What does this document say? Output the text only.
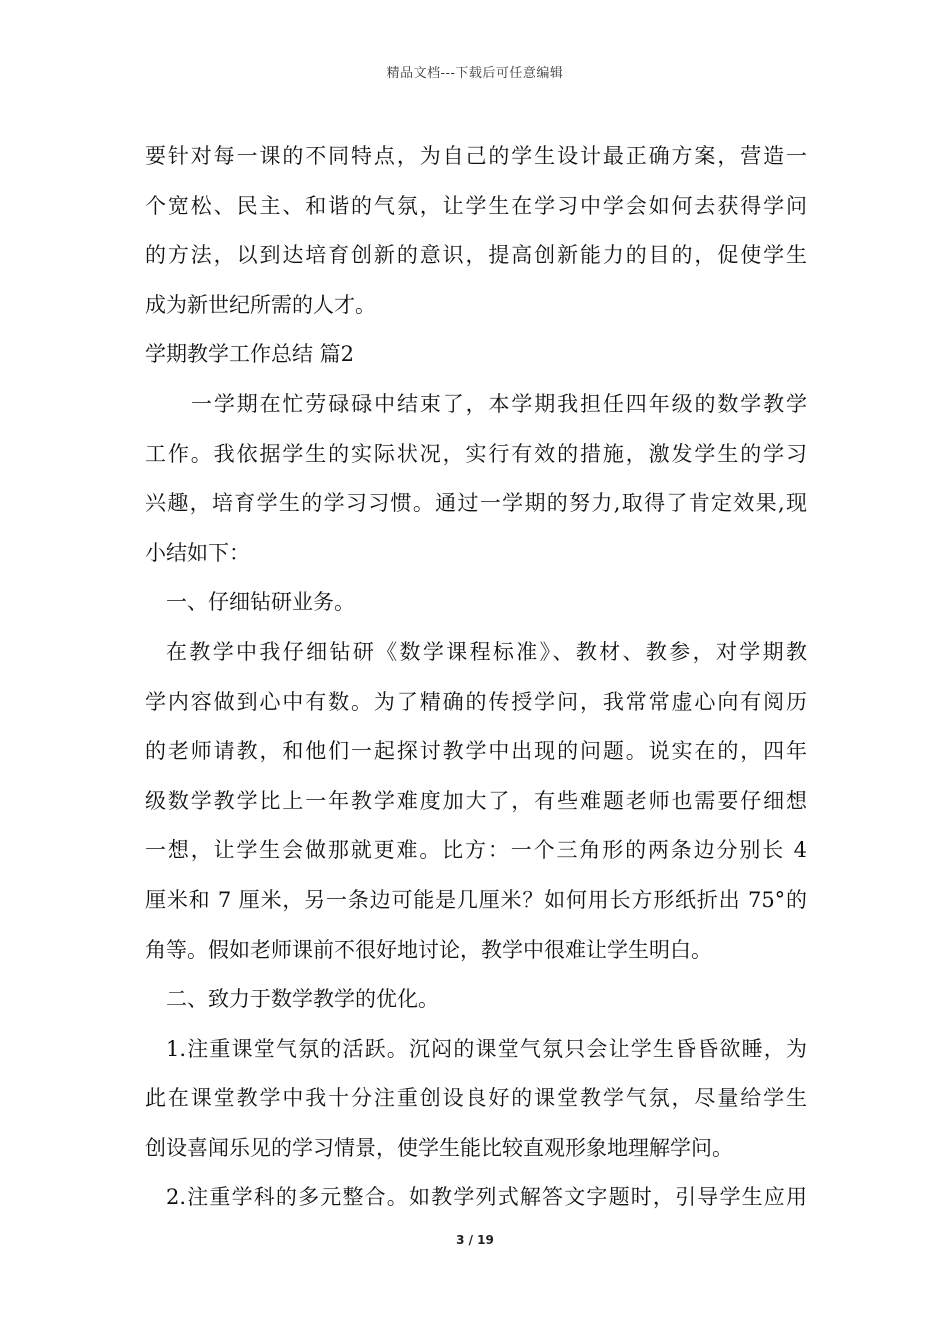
精品文档---下载后可任意编辑
要针对每一课的不同特点，为自己的学生设计最正确方案，营造一
个宽松、民主、和谐的气氛，让学生在学习中学会如何去获得学问
的方法，以到达培育创新的意识，提高创新能力的目的，促使学生
成为新世纪所需的人才。
学期教学工作总结 篇2
一学期在忙劳碌碌中结束了，本学期我担任四年级的数学教学
工作。我依据学生的实际状况，实行有效的措施，激发学生的学习
兴趣，培育学生的学习习惯。通过一学期的努力,取得了肯定效果,现
小结如下：
一、仔细钻研业务。
在教学中我仔细钻研《数学课程标准》、教材、教参，对学期教
学内容做到心中有数。为了精确的传授学问，我常常虚心向有阅历
的老师请教，和他们一起探讨教学中出现的问题。说实在的，四年
级数学教学比上一年教学难度加大了，有些难题老师也需要仔细想
一想，让学生会做那就更难。比方：一个三角形的两条边分别长 4
厘米和 7 厘米，另一条边可能是几厘米？如何用长方形纸折出 75°的
角等。假如老师课前不很好地讨论，教学中很难让学生明白。
二、致力于数学教学的优化。
1.注重课堂气氛的活跃。沉闷的课堂气氛只会让学生昏昏欲睡，为
此在课堂教学中我十分注重创设良好的课堂教学气氛，尽量给学生
创设喜闻乐见的学习情景，使学生能比较直观形象地理解学问。
2.注重学科的多元整合。如教学列式解答文字题时，引导学生应用
3 / 19
